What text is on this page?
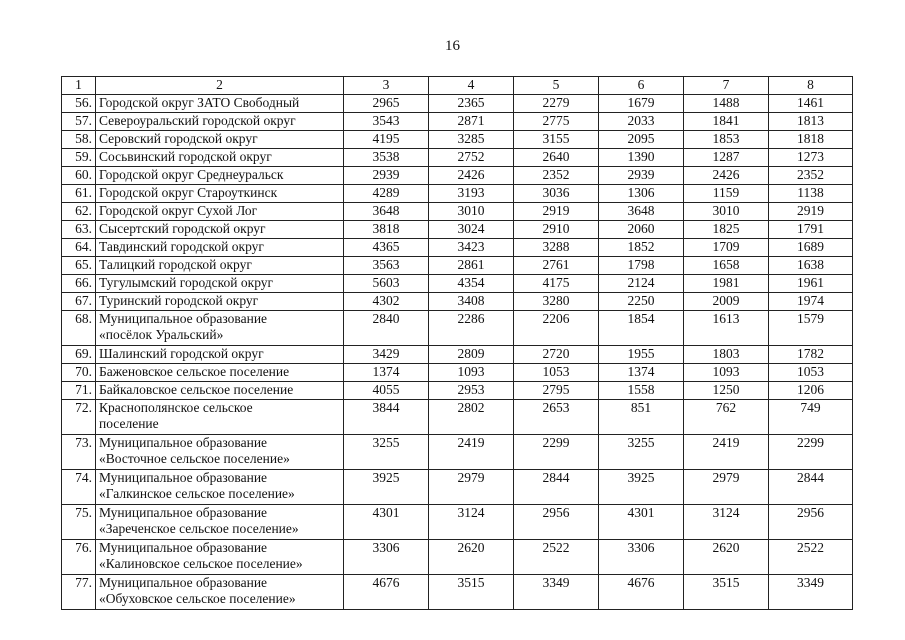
16
1	2	3	4	5	6	7	8
56.	Городской округ ЗАТО Свободный	2965	2365	2279	1679	1488	1461
57.	Североуральский городской округ	3543	2871	2775	2033	1841	1813
58.	Серовский городской округ	4195	3285	3155	2095	1853	1818
59.	Сосьвинский городской округ	3538	2752	2640	1390	1287	1273
60.	Городской округ Среднеуральск	2939	2426	2352	2939	2426	2352
61.	Городской округ Староуткинск	4289	3193	3036	1306	1159	1138
62.	Городской округ Сухой Лог	3648	3010	2919	3648	3010	2919
63.	Сысертский городской округ	3818	3024	2910	2060	1825	1791
64.	Тавдинский городской округ	4365	3423	3288	1852	1709	1689
65.	Талицкий городской округ	3563	2861	2761	1798	1658	1638
66.	Тугулымский городской округ	5603	4354	4175	2124	1981	1961
67.	Туринский городской округ	4302	3408	3280	2250	2009	1974
68.	Муниципальное образование
«посёлок Уральский»	2840	2286	2206	1854	1613	1579
69.	Шалинский городской округ	3429	2809	2720	1955	1803	1782
70.	Баженовское сельское поселение	1374	1093	1053	1374	1093	1053
71.	Байкаловское сельское поселение	4055	2953	2795	1558	1250	1206
72.	Краснополянское сельское
поселение	3844	2802	2653	851	762	749
73.	Муниципальное образование
«Восточное сельское поселение»	3255	2419	2299	3255	2419	2299
74.	Муниципальное образование
«Галкинское сельское поселение»	3925	2979	2844	3925	2979	2844
75.	Муниципальное образование
«Зареченское сельское поселение»	4301	3124	2956	4301	3124	2956
76.	Муниципальное образование
«Калиновское сельское поселение»	3306	2620	2522	3306	2620	2522
77.	Муниципальное образование
«Обуховское сельское поселение»	4676	3515	3349	4676	3515	3349
